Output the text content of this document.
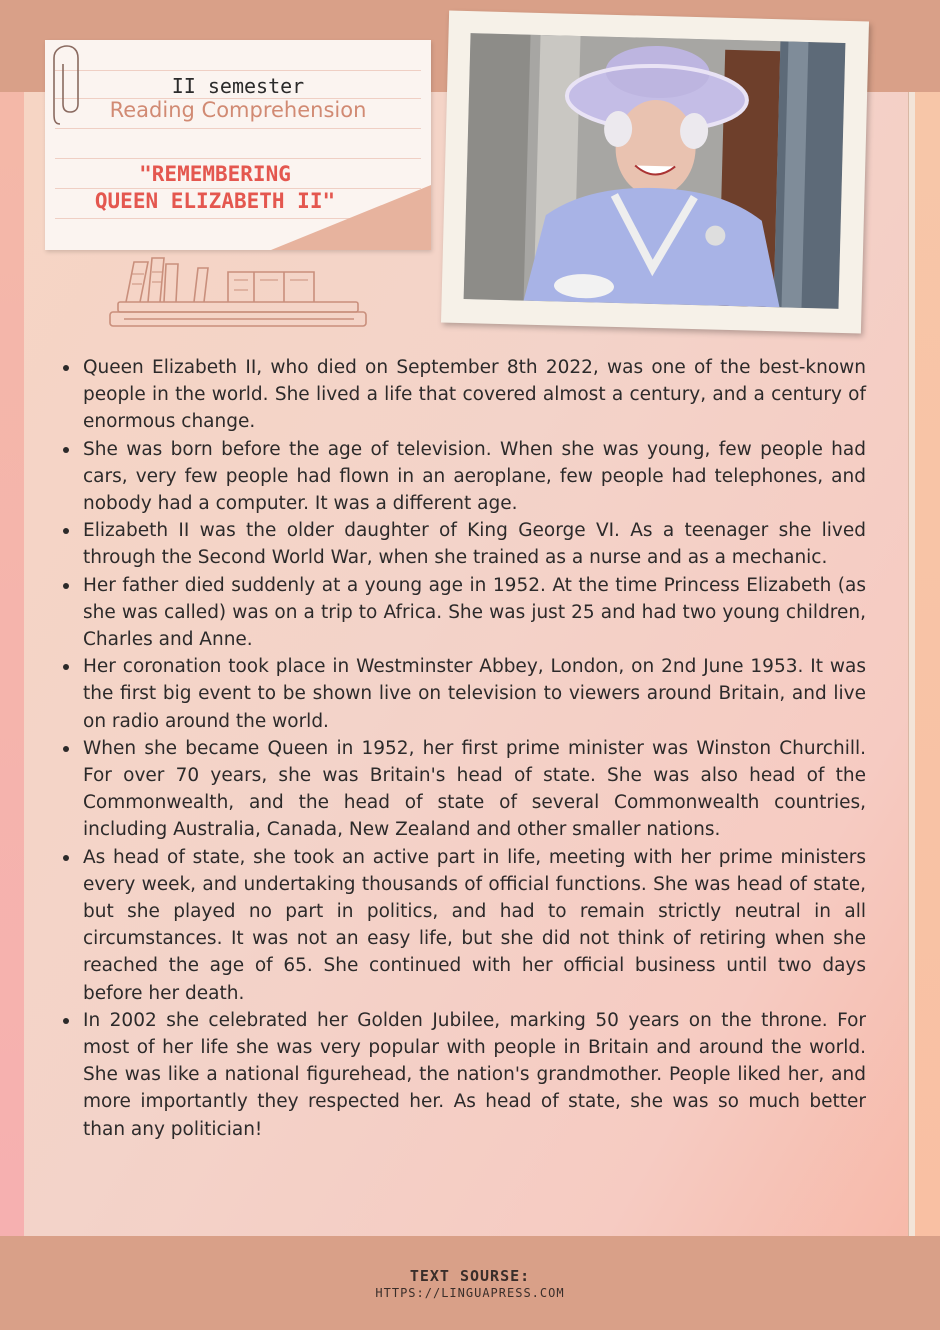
II semester
Reading Comprehension
"REMEMBERING
QUEEN ELIZABETH II"
Queen Elizabeth II, who died on September 8th 2022, was one of the best-known people in the world. She lived a life that covered almost a century, and a century of enormous change.
She was born before the age of television. When she was young, few people had cars, very few people had flown in an aeroplane, few people had telephones, and nobody had a computer. It was a different age.
Elizabeth II was the older daughter of King George VI. As a teenager she lived through the Second World War, when she trained as a nurse and as a mechanic.
Her father died suddenly at a young age in 1952. At the time Princess Elizabeth (as she was called) was on a trip to Africa. She was just 25 and had two young children, Charles and Anne.
Her coronation took place in Westminster Abbey, London, on 2nd June 1953. It was the first big event to be shown live on television to viewers around Britain, and live on radio around the world.
When she became Queen in 1952, her first prime minister was Winston Churchill. For over 70 years, she was Britain's head of state. She was also head of the Commonwealth, and the head of state of several Commonwealth countries, including Australia, Canada, New Zealand and other smaller nations.
As head of state, she took an active part in life, meeting with her prime ministers every week, and undertaking thousands of official functions. She was head of state, but she played no part in politics, and had to remain strictly neutral in all circumstances. It was not an easy life, but she did not think of retiring when she reached the age of 65. She continued with her official business until two days before her death.
In 2002 she celebrated her Golden Jubilee, marking 50 years on the throne. For most of her life she was very popular with people in Britain and around the world. She was like a national figurehead, the nation's grandmother. People liked her, and more importantly they respected her. As head of state, she was so much better than any politician!
TEXT SOURSE:
HTTPS://LINGUAPRESS.COM
